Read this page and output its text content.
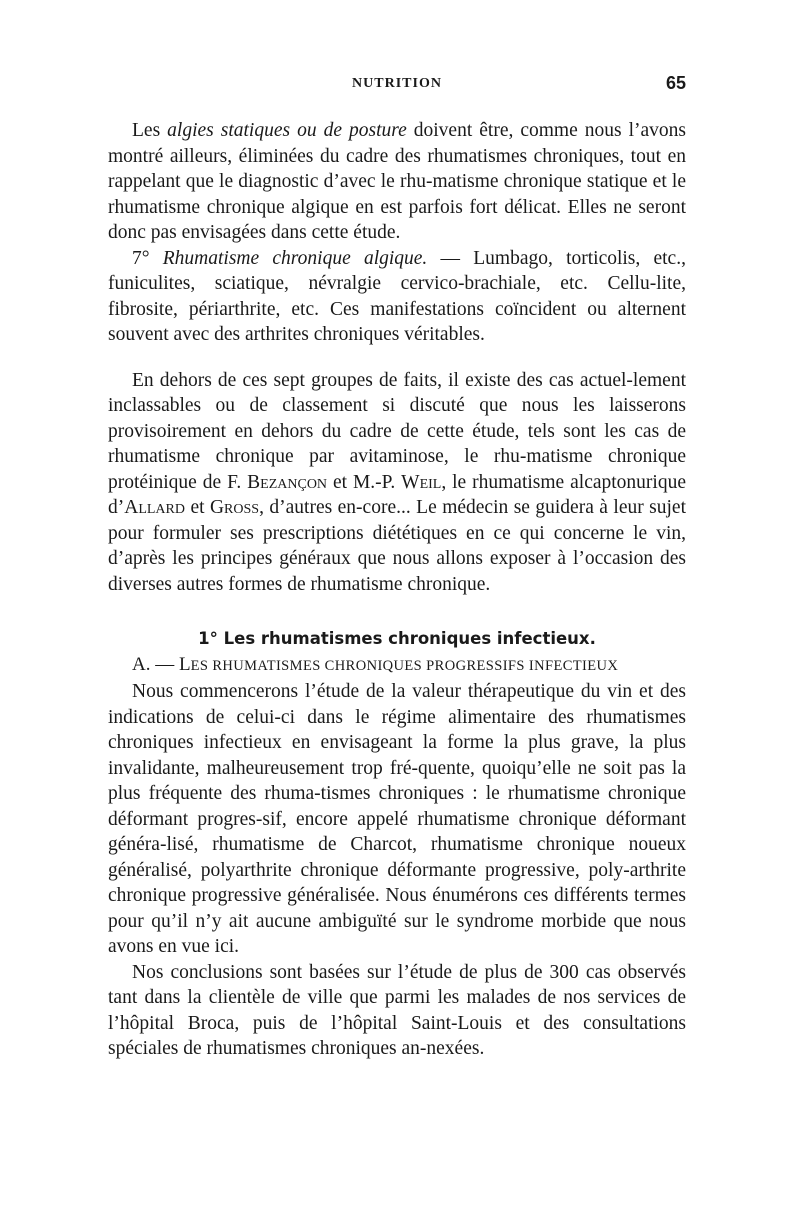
NUTRITION	65

Les algies statiques ou de posture doivent être, comme nous l’avons montré ailleurs, éliminées du cadre des rhumatismes chroniques, tout en rappelant que le diagnostic d’avec le rhu-matisme chronique statique et le rhumatisme chronique algique en est parfois fort délicat. Elles ne seront donc pas envisagées dans cette étude.

7° Rhumatisme chronique algique. — Lumbago, torticolis, etc., funiculites, sciatique, névralgie cervico-brachiale, etc. Cellu-lite, fibrosite, périarthrite, etc. Ces manifestations coïncident ou alternent souvent avec des arthrites chroniques véritables.

En dehors de ces sept groupes de faits, il existe des cas actuel-lement inclassables ou de classement si discuté que nous les laisserons provisoirement en dehors du cadre de cette étude, tels sont les cas de rhumatisme chronique par avitaminose, le rhu-matisme chronique protéinique de F. Bezançon et M.-P. Weil, le rhumatisme alcaptonurique d’Allard et Gross, d’autres en-core... Le médecin se guidera à leur sujet pour formuler ses prescriptions diététiques en ce qui concerne le vin, d’après les principes généraux que nous allons exposer à l’occasion des diverses autres formes de rhumatisme chronique.

1° Les rhumatismes chroniques infectieux.

A. — LES RHUMATISMES CHRONIQUES PROGRESSIFS INFECTIEUX

Nous commencerons l’étude de la valeur thérapeutique du vin et des indications de celui-ci dans le régime alimentaire des rhumatismes chroniques infectieux en envisageant la forme la plus grave, la plus invalidante, malheureusement trop fré-quente, quoiqu’elle ne soit pas la plus fréquente des rhuma-tismes chroniques : le rhumatisme chronique déformant progres-sif, encore appelé rhumatisme chronique déformant généra-lisé, rhumatisme de Charcot, rhumatisme chronique noueux généralisé, polyarthrite chronique déformante progressive, poly-arthrite chronique progressive généralisée. Nous énumérons ces différents termes pour qu’il n’y ait aucune ambiguïté sur le syndrome morbide que nous avons en vue ici.

Nos conclusions sont basées sur l’étude de plus de 300 cas observés tant dans la clientèle de ville que parmi les malades de nos services de l’hôpital Broca, puis de l’hôpital Saint-Louis et des consultations spéciales de rhumatismes chroniques an-nexées.
